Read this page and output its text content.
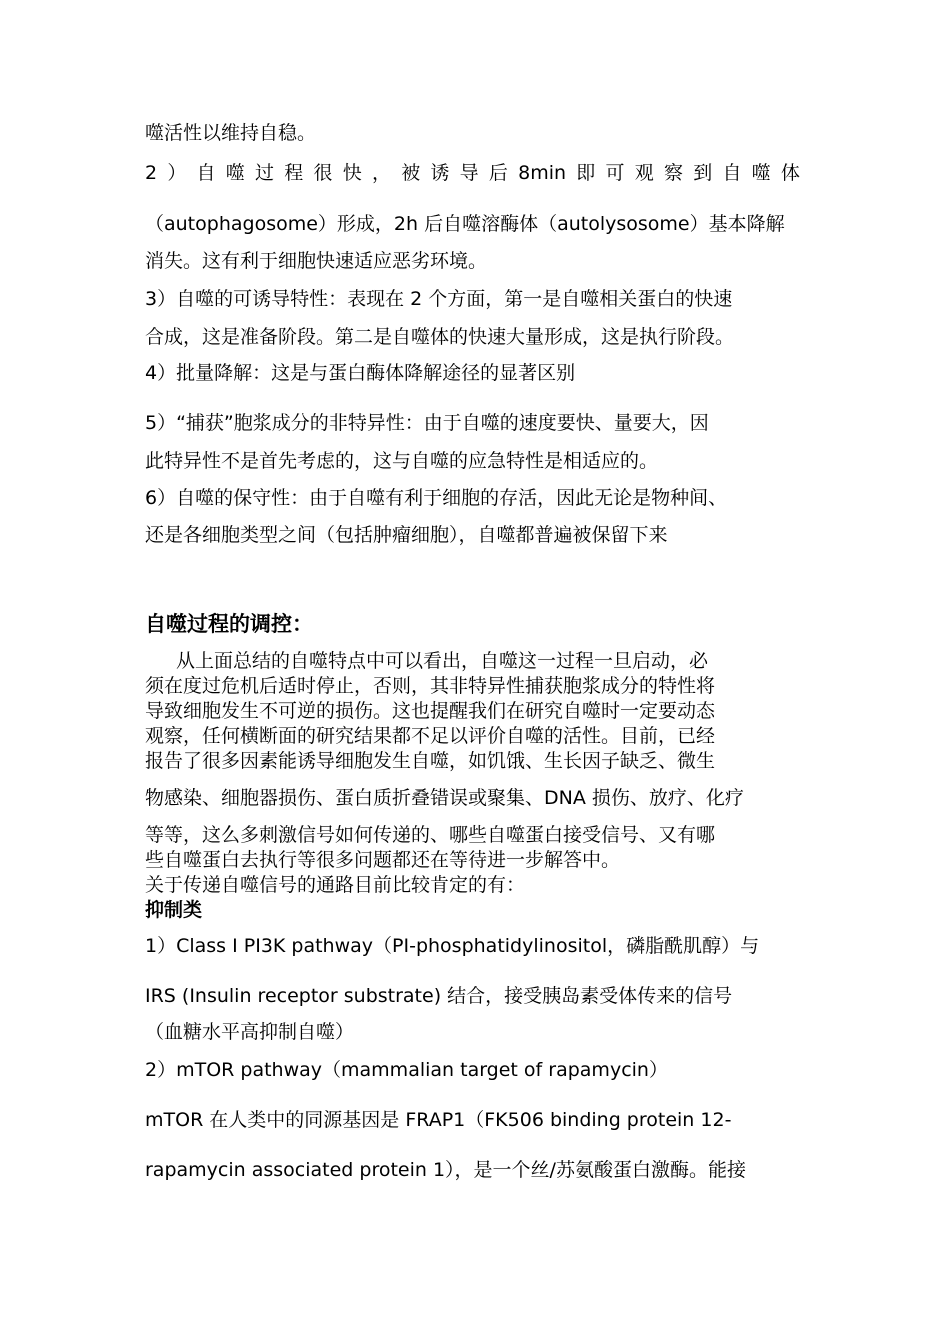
噬活性以维持自稳。
2 ） 自 噬 过 程 很 快 ， 被 诱 导 后 8min 即 可 观 察 到 自 噬 体
（autophagosome）形成，2h 后自噬溶酶体（autolysosome）基本降解
消失。这有利于细胞快速适应恶劣环境。
3）自噬的可诱导特性：表现在 2 个方面，第一是自噬相关蛋白的快速
合成，这是准备阶段。第二是自噬体的快速大量形成，这是执行阶段。
4）批量降解：这是与蛋白酶体降解途径的显著区别
5）“捕获”胞浆成分的非特异性：由于自噬的速度要快、量要大，因
此特异性不是首先考虑的，这与自噬的应急特性是相适应的。
6）自噬的保守性：由于自噬有利于细胞的存活，因此无论是物种间、
还是各细胞类型之间（包括肿瘤细胞），自噬都普遍被保留下来
自噬过程的调控：
从上面总结的自噬特点中可以看出，自噬这一过程一旦启动，必
须在度过危机后适时停止，否则，其非特异性捕获胞浆成分的特性将
导致细胞发生不可逆的损伤。这也提醒我们在研究自噬时一定要动态
观察，任何横断面的研究结果都不足以评价自噬的活性。目前，已经
报告了很多因素能诱导细胞发生自噬，如饥饿、生长因子缺乏、微生
物感染、细胞器损伤、蛋白质折叠错误或聚集、DNA 损伤、放疗、化疗
等等，这么多刺激信号如何传递的、哪些自噬蛋白接受信号、又有哪
些自噬蛋白去执行等很多问题都还在等待进一步解答中。
关于传递自噬信号的通路目前比较肯定的有：
抑制类
1）Class I PI3K pathway（PI-phosphatidylinositol，磷脂酰肌醇）与
IRS (Insulin receptor substrate) 结合，接受胰岛素受体传来的信号
（血糖水平高抑制自噬）
2）mTOR pathway（mammalian target of rapamycin）
mTOR 在人类中的同源基因是 FRAP1（FK506 binding protein 12-
rapamycin associated protein 1），是一个丝/苏氨酸蛋白激酶。能接
